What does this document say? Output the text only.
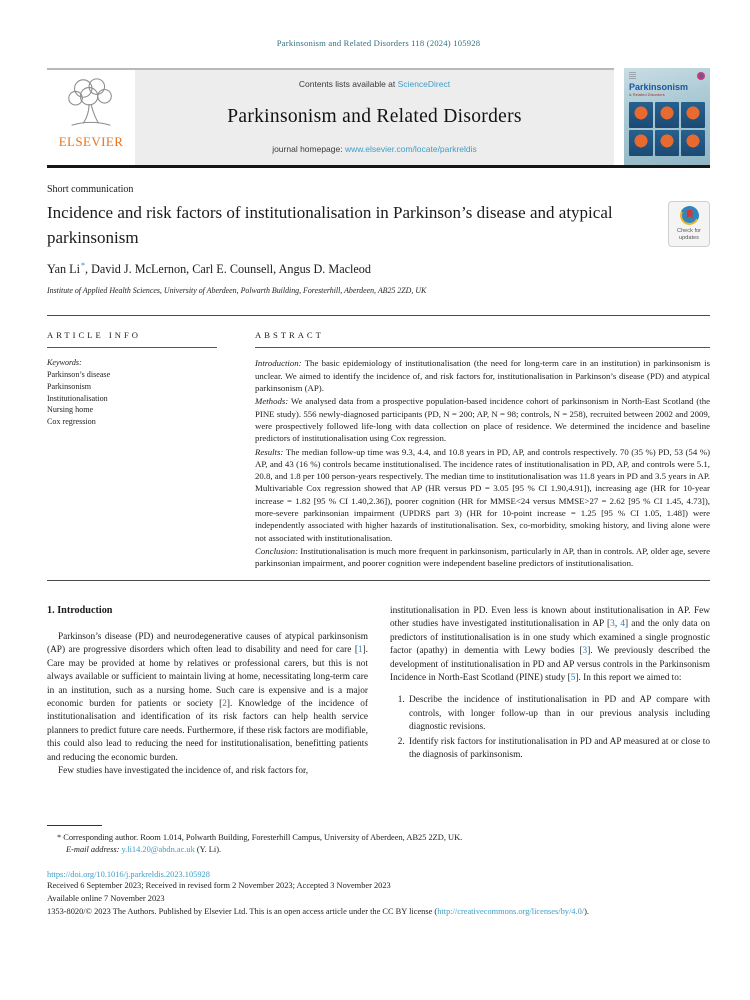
Parkinsonism and Related Disorders 118 (2024) 105928
ELSEVIER
Contents lists available at ScienceDirect
Parkinsonism and Related Disorders
journal homepage: www.elsevier.com/locate/parkreldis
Parkinsonism
& Related Disorders
Short communication
Incidence and risk factors of institutionalisation in Parkinson’s disease and atypical parkinsonism	Check for updates
Yan Li*, David J. McLernon, Carl E. Counsell, Angus D. Macleod
Institute of Applied Health Sciences, University of Aberdeen, Polwarth Building, Foresterhill, Aberdeen, AB25 2ZD, UK
ARTICLE INFO
Keywords:
Parkinson’s disease
Parkinsonism
Institutionalisation
Nursing home
Cox regression
ABSTRACT

Introduction: The basic epidemiology of institutionalisation (the need for long-term care in an institution) in parkinsonism is unclear. We aimed to identify the incidence of, and risk factors for, institutionalisation in Parkinson’s disease (PD) and atypical parkinsonism (AP).

Methods: We analysed data from a prospective population-based incidence cohort of parkinsonism in North-East Scotland (the PINE study). 556 newly-diagnosed participants (PD, N = 200; AP, N = 98; controls, N = 258), recruited between 2002 and 2009, were prospectively followed life-long with data collection on place of residence. We determined the incidence and baseline predictors of institutionalisation using Cox regression.

Results: The median follow-up time was 9.3, 4.4, and 10.8 years in PD, AP, and controls respectively. 70 (35 %) PD, 53 (54 %) AP, and 43 (16 %) controls became institutionalised. The incidence rates of institutionalisation in PD, AP, and controls were 5.1, 20.8, and 1.8 per 100 person-years respectively. The median time to institutionalisation was 11.8 years in PD and 3.5 years in AP. Multivariable Cox regression showed that AP (HR versus PD = 3.05 [95 % CI 1.90,4.91]), increasing age (HR for 10-year increase = 1.82 [95 % CI 1.40,2.36]), poorer cognition (HR for MMSE<24 versus MMSE>27 = 2.62 [95 % CI 1.45, 4.73]), more-severe parkinsonian impairment (UPDRS part 3) (HR for 10-point increase = 1.25 [95 % CI 1.05, 1.48]) were independently associated with higher hazards of institutionalisation. Sex, co-morbidity, smoking history, and living alone were not associated with institutionalisation.

Conclusion: Institutionalisation is much more frequent in parkinsonism, particularly in AP, than in controls. AP, older age, severe parkinsonian impairment, and poorer cognition were independent baseline predictors of institutionalisation.

1. Introduction

Parkinson’s disease (PD) and neurodegenerative causes of atypical parkinsonism (AP) are progressive disorders which often lead to disability and need for care [1]. Care may be provided at home by relatives or professional carers, but this is not always available or sufficient to maintain living at home, necessitating long-term care in an institution, such as a nursing home. Such care is expensive and is a major economic burden for patients or society [2]. Knowledge of the incidence of institutionalisation and identification of its risk factors can help health service planners to predict future care needs. Furthermore, if these risk factors are modifiable, this could also lead to reducing the need for institutionalisation, benefitting patients and reducing the economic burden.

Few studies have investigated the incidence of, and risk factors for,

institutionalisation in PD. Even less is known about institutionalisation in AP. Few other studies have investigated institutionalisation in AP [3, 4] and the only data on predictors of institutionalisation is in one study which examined a single prognostic factor (apathy) in dementia with Lewy bodies [3]. We previously described the development of institutionalisation in PD and AP versus controls in the Parkinsonism Incidence in North-East Scotland (PINE) study [5]. In this report we aimed to:

1. Describe the incidence of institutionalisation in PD and AP compare with controls, with longer follow-up than in our previous analysis including diagnostic revisions.
2. Identify risk factors for institutionalisation in PD and AP measured at or close to the diagnosis of parkinsonism.
* Corresponding author. Room 1.014, Polwarth Building, Foresterhill Campus, University of Aberdeen, AB25 2ZD, UK.
E-mail address: y.li14.20@abdn.ac.uk (Y. Li).
https://doi.org/10.1016/j.parkreldis.2023.105928
Received 6 September 2023; Received in revised form 2 November 2023; Accepted 3 November 2023
Available online 7 November 2023
1353-8020/© 2023 The Authors. Published by Elsevier Ltd. This is an open access article under the CC BY license (http://creativecommons.org/licenses/by/4.0/).
